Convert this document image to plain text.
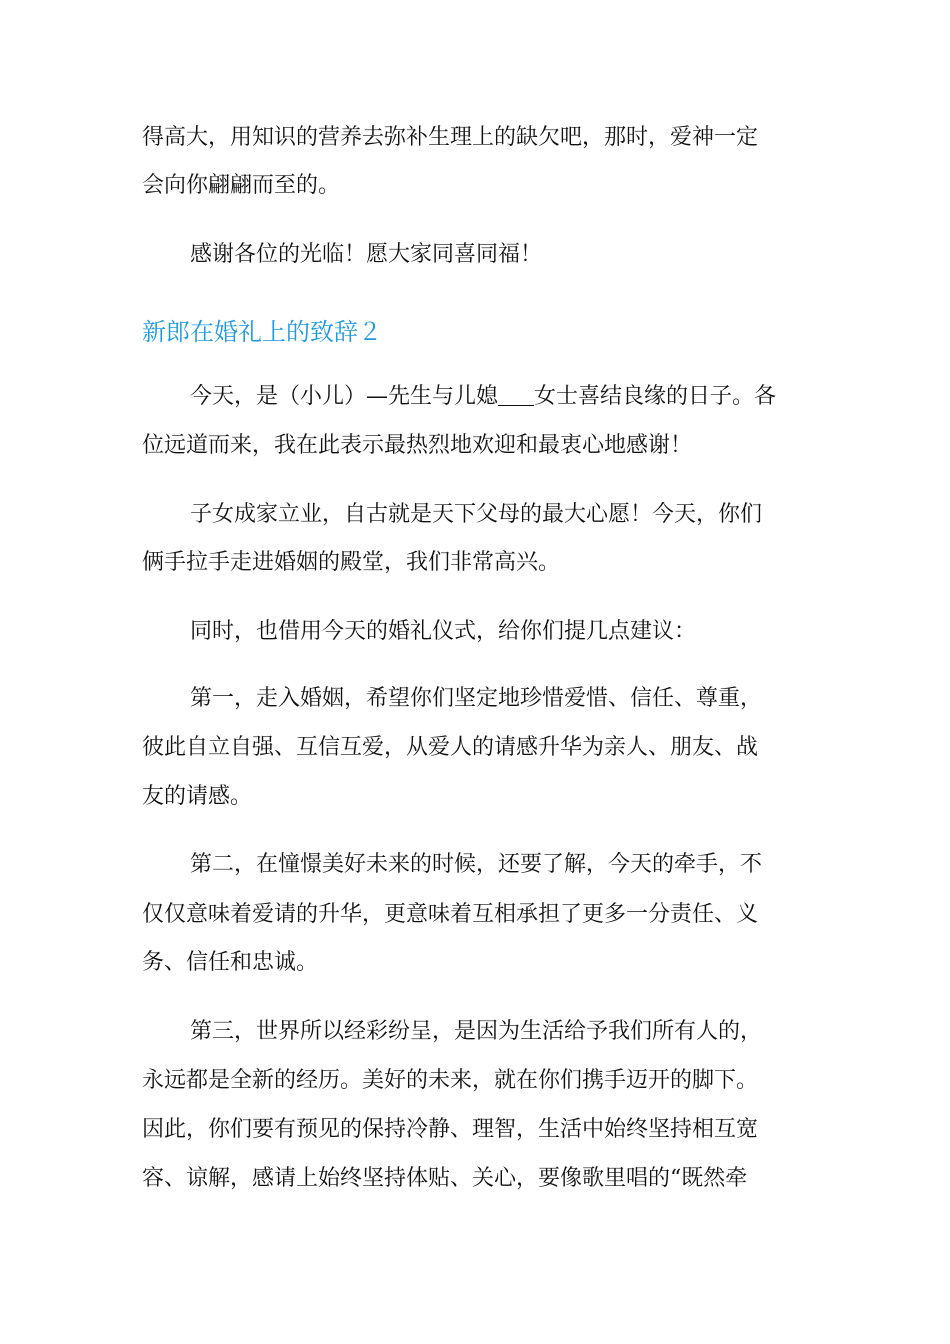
得高大，用知识的营养去弥补生理上的缺欠吧，那时，爱神一定
会向你翩翩而至的。
感谢各位的光临！愿大家同喜同福！
新郎在婚礼上的致辞２
今天，是（小儿）—先生与儿媳 女士喜结良缘的日子。各
位远道而来，我在此表示最热烈地欢迎和最衷心地感谢！
子女成家立业，自古就是天下父母的最大心愿！今天，你们
俩手拉手走进婚姻的殿堂，我们非常高兴。
同时，也借用今天的婚礼仪式，给你们提几点建议：
第一，走入婚姻，希望你们坚定地珍惜爱惜、信任、尊重，
彼此自立自强、互信互爱，从爱人的请感升华为亲人、朋友、战
友的请感。
第二，在憧憬美好未来的时候，还要了解，今天的牵手，不
仅仅意味着爱请的升华，更意味着互相承担了更多一分责任、义
务、信任和忠诚。
第三，世界所以经彩纷呈，是因为生活给予我们所有人的，
永远都是全新的经历。美好的未来，就在你们携手迈开的脚下。
因此，你们要有预见的保持冷静、理智，生活中始终坚持相互宽
容、谅解，感请上始终坚持体贴、关心，要像歌里唱的“既然牵
